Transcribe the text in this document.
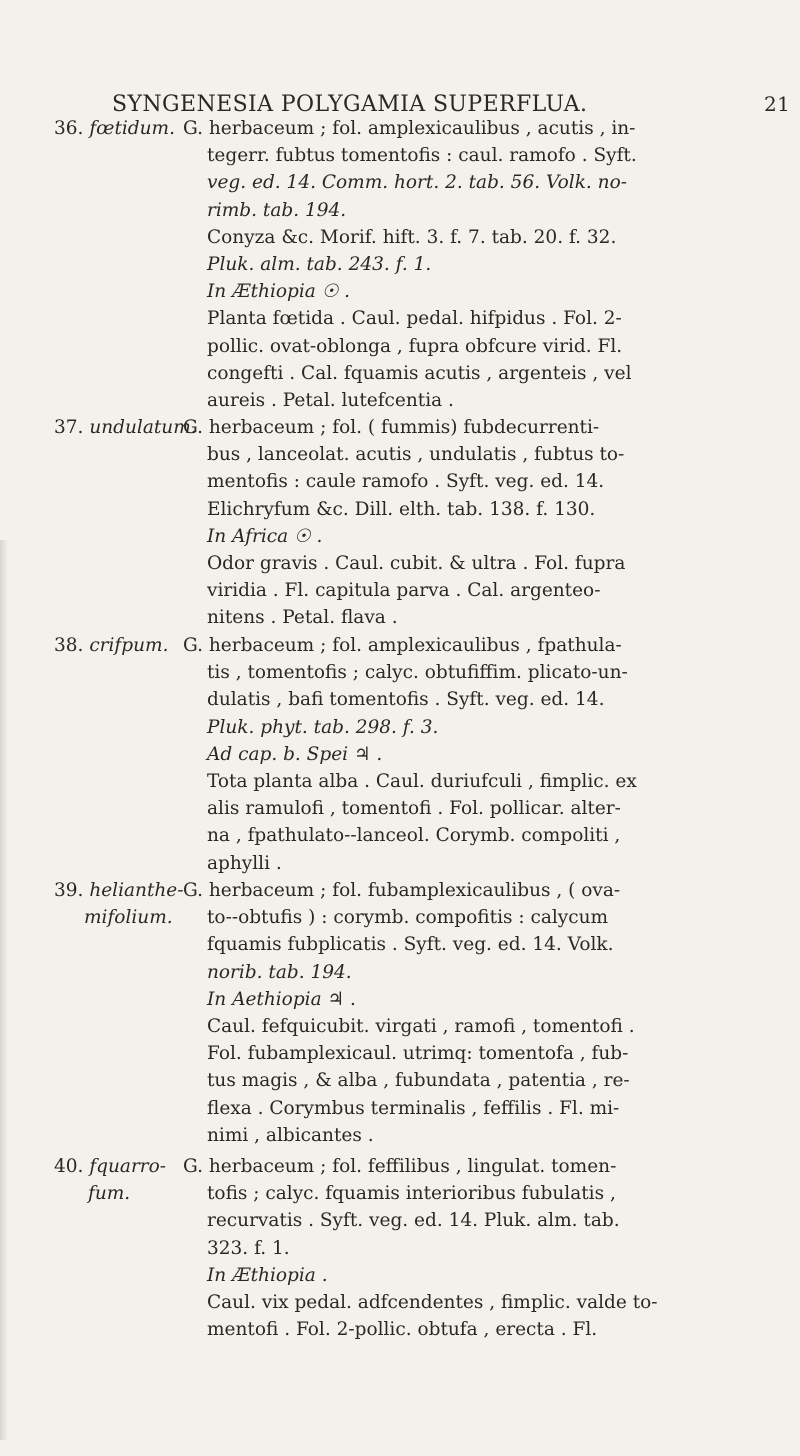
SYNGENESIA POLYGAMIA SUPERFLUA.	21
36. fœtidum. G. herbaceum ; fol. amplexicaulibus , acutis , in-
tegerr. fubtus tomentofis : caul. ramofo . Syft.
veg. ed. 14. Comm. hort. 2. tab. 56. Volk. no-
rimb. tab. 194.
Conyza &c. Morif. hift. 3. f. 7. tab. 20. f. 32.
Pluk. alm. tab. 243. f. 1.
In Æthiopia ☉ .
Planta fœtida . Caul. pedal. hifpidus . Fol. 2-
pollic. ovat-oblonga , fupra obfcure virid. Fl.
congefti . Cal. fquamis acutis , argenteis , vel
aureis . Petal. lutefcentia .
37. undulatum.
G. herbaceum ; fol. ( fummis) fubdecurrenti-
bus , lanceolat. acutis , undulatis , fubtus to-
mentofis : caule ramofo . Syft. veg. ed. 14.
Elichryfum &c. Dill. elth. tab. 138. f. 130.
In Africa ☉ .
Odor gravis . Caul. cubit. & ultra . Fol. fupra
viridia . Fl. capitula parva . Cal. argenteo-
nitens . Petal. flava .
38. crifpum. G. herbaceum ; fol. amplexicaulibus , fpathula-
tis , tomentofis ; calyc. obtufiffim. plicato-un-
dulatis , bafi tomentofis . Syft. veg. ed. 14.
Pluk. phyt. tab. 298. f. 3.
Ad cap. b. Spei ♃ .
Tota planta alba . Caul. duriufculi , fimplic. ex
alis ramulofi , tomentofi . Fol. pollicar. alter-
na , fpathulato--lanceol. Corymb. compoliti ,
aphylli .
39. helianthe-
mifolium.
G. herbaceum ; fol. fubamplexicaulibus , ( ova-
to--obtufis ) : corymb. compofitis : calycum
fquamis fubplicatis . Syft. veg. ed. 14. Volk.
norib. tab. 194.
In Aethiopia ♃ .
Caul. fefquicubit. virgati , ramofi , tomentofi .
Fol. fubamplexicaul. utrimq: tomentofa , fub-
tus magis , & alba , fubundata , patentia , re-
flexa . Corymbus terminalis , feffilis . Fl. mi-
nimi , albicantes .
40. fquarro-
fum.
G. herbaceum ; fol. feffilibus , lingulat. tomen-
tofis ; calyc. fquamis interioribus fubulatis ,
recurvatis . Syft. veg. ed. 14. Pluk. alm. tab.
323. f. 1.
In Æthiopia .
Caul. vix pedal. adfcendentes , fimplic. valde to-
mentofi . Fol. 2-pollic. obtufa , erecta . Fl.
